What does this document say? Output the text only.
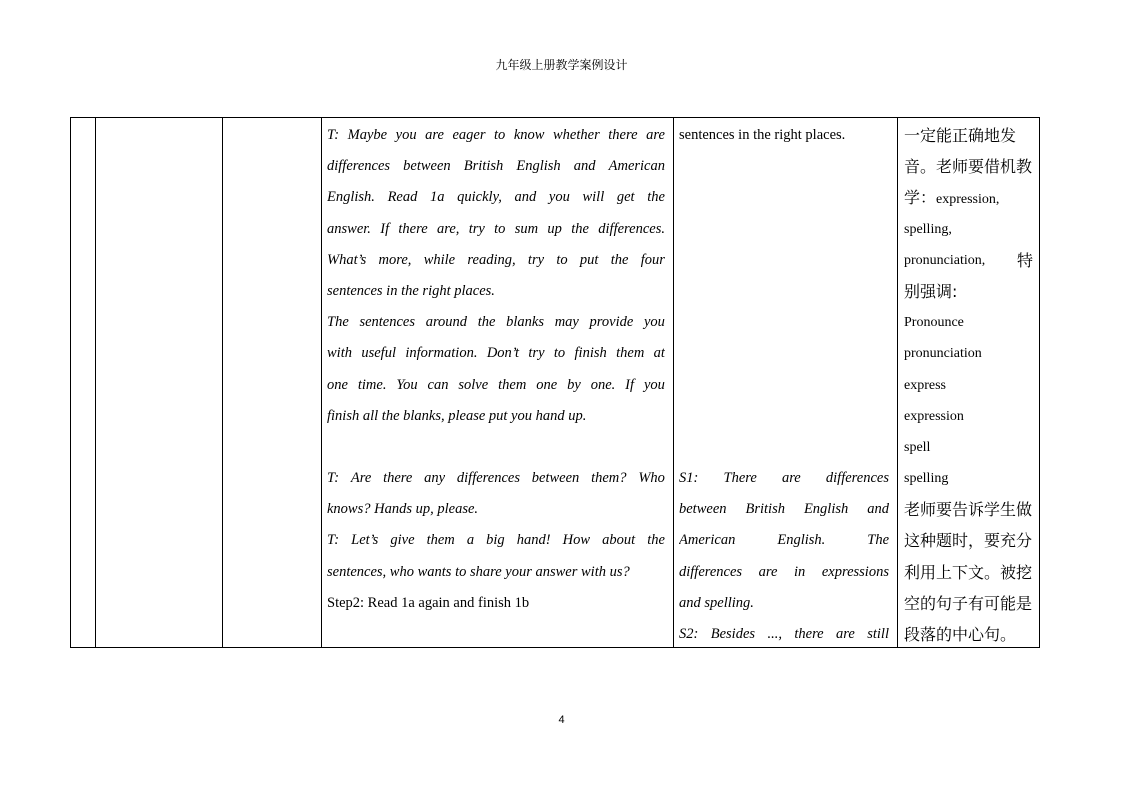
九年级上册教学案例设计
T: Maybe you are eager to know whether there are
differences between British English and American
English. Read 1a quickly, and you will get the
answer. If there are, try to sum up the differences.
What’s more, while reading, try to put the four
sentences in the right places.
The sentences around the blanks may provide you
with useful information. Don’t try to finish them at
one time. You can solve them one by one. If you
finish all the blanks, please put you hand up.
T: Are there any differences between them? Who
knows? Hands up, please.
T: Let’s give them a big hand! How about the
sentences, who wants to share your answer with us?
Step2: Read 1a again and finish 1b
sentences in the right places.
S1: There are differences
between British English and
American	English.	The
differences are in expressions
and spelling.
S2: Besides ..., there are still
一定能正确地发
音。老师要借机教
学：expression,
spelling,
pronunciation, 特
别强调:
Pronounce
pronunciation
express
expression
spell
spelling
老师要告诉学生做
这种题时，要充分
利用上下文。被挖
空的句子有可能是
段落的中心句。
4
